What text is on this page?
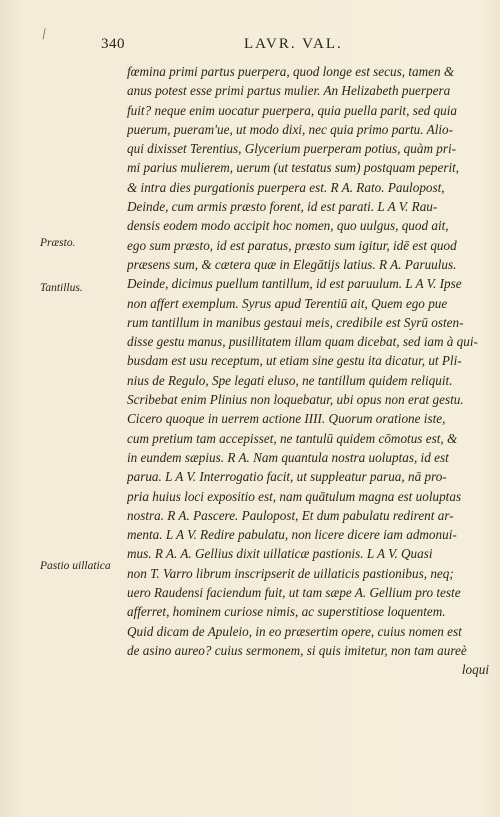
/
340	LAVR. VAL.
Præsto.
Tantillus.
Pastio uillatica
fœmina primi partus puerpera, quod longe est secus, tamen &
anus potest esse primi partus mulier. An Helizabeth puerpera
fuit? neque enim uocatur puerpera, quia puella parit, sed quia
puerum, pueram'ue, ut modo dixi, nec quia primo partu. Alio-
qui dixisset Terentius, Glycerium puerperam potius, quàm pri-
mi parius mulierem, uerum (ut testatus sum) postquam peperit,
& intra dies purgationis puerpera est. R A. Rato. Paulopost,
Deinde, cum armis præsto forent, id est parati. L A V. Rau-
densis eodem modo accipit hoc nomen, quo uulgus, quod ait,
ego sum præsto, id est paratus, præsto sum igitur, idē est quod
præsens sum, & cætera quæ in Elegātijs latius. R A. Paruulus.
Deinde, dicimus puellum tantillum, id est paruulum. L A V. Ipse
non affert exemplum. Syrus apud Terentiū ait, Quem ego pue
rum tantillum in manibus gestaui meis, credibile est Syrū osten-
disse gestu manus, pusillitatem illam quam dicebat, sed iam à qui-
busdam est usu receptum, ut etiam sine gestu ita dicatur, ut Pli-
nius de Regulo, Spe legati eluso, ne tantillum quidem reliquit.
Scribebat enim Plinius non loquebatur, ubi opus non erat gestu.
Cicero quoque in uerrem actione IIII. Quorum oratione iste,
cum pretium tam accepisset, ne tantulū quidem cōmotus est, &
in eundem sæpius. R A. Nam quantula nostra uoluptas, id est
parua. L A V. Interrogatio facit, ut suppleatur parua, nā pro-
pria huius loci expositio est, nam quātulum magna est uoluptas
nostra. R A. Pascere. Paulopost, Et dum pabulatu redirent ar-
menta. L A V. Redire pabulatu, non licere dicere iam admonui-
mus. R A. A. Gellius dixit uillaticæ pastionis. L A V. Quasi
non T. Varro librum inscripserit de uillaticis pastionibus, neq;
uero Raudensi faciendum fuit, ut tam sæpe A. Gellium pro teste
afferret, hominem curiose nimis, ac superstitiose loquentem.
Quid dicam de Apuleio, in eo præsertim opere, cuius nomen est
de asino aureo? cuius sermonem, si quis imitetur, non tam aureè
loqui
